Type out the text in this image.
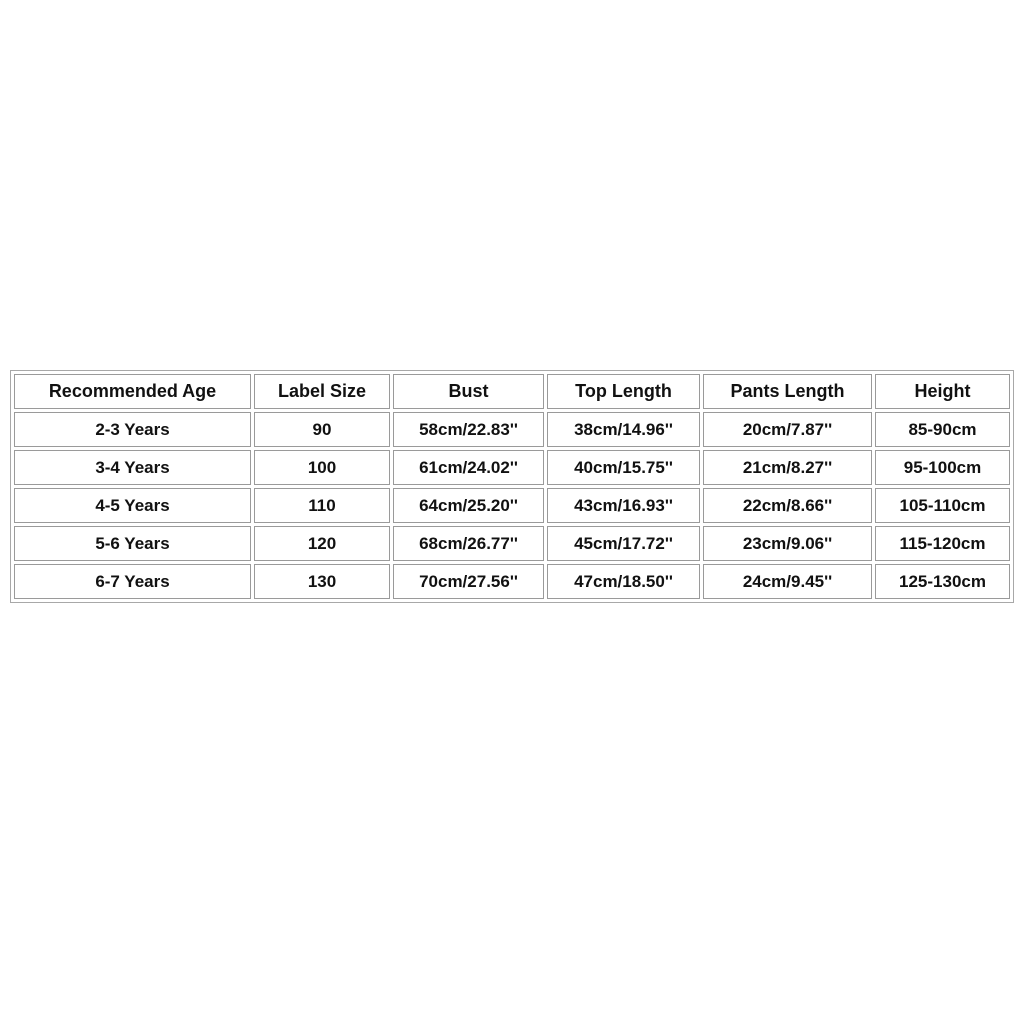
Recommended Age	Label Size	Bust	Top Length	Pants Length	Height
2-3 Years	90	58cm/22.83''	38cm/14.96''	20cm/7.87''	85-90cm
3-4 Years	100	61cm/24.02''	40cm/15.75''	21cm/8.27''	95-100cm
4-5 Years	110	64cm/25.20''	43cm/16.93''	22cm/8.66''	105-110cm
5-6 Years	120	68cm/26.77''	45cm/17.72''	23cm/9.06''	115-120cm
6-7 Years	130	70cm/27.56''	47cm/18.50''	24cm/9.45''	125-130cm
